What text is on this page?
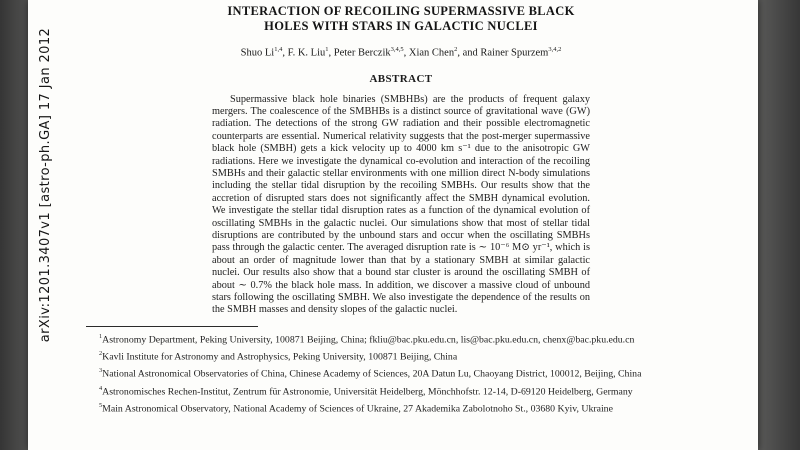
arXiv:1201.3407v1 [astro-ph.GA] 17 Jan 2012
INTERACTION OF RECOILING SUPERMASSIVE BLACK
HOLES WITH STARS IN GALACTIC NUCLEI

Shuo Li$^{1,4}$, F. K. Liu$^1$, Peter Berczik$^{3,4,5}$, Xian Chen$^2$, and Rainer Spurzem$^{3,4,2}$

ABSTRACT

Supermassive black hole binaries (SMBHBs) are the products of frequent galaxy mergers. The coalescence of the SMBHBs is a distinct source of gravitational wave (GW) radiation. The detections of the strong GW radiation and their possible electromagnetic counterparts are essential. Numerical relativity suggests that the post-merger supermassive black hole (SMBH) gets a kick velocity up to 4000 km s⁻¹ due to the anisotropic GW radiations. Here we investigate the dynamical co-evolution and interaction of the recoiling SMBHs and their galactic stellar environments with one million direct N-body simulations including the stellar tidal disruption by the recoiling SMBHs. Our results show that the accretion of disrupted stars does not significantly affect the SMBH dynamical evolution. We investigate the stellar tidal disruption rates as a function of the dynamical evolution of oscillating SMBHs in the galactic nuclei. Our simulations show that most of stellar tidal disruptions are contributed by the unbound stars and occur when the oscillating SMBHs pass through the galactic center. The averaged disruption rate is ∼ 10⁻⁶ M⊙ yr⁻¹, which is about an order of magnitude lower than that by a stationary SMBH at similar galactic nuclei. Our results also show that a bound star cluster is around the oscillating SMBH of about ∼ 0.7% the black hole mass. In addition, we discover a massive cloud of unbound stars following the oscillating SMBH. We also investigate the dependence of the results on the SMBH masses and density slopes of the galactic nuclei.

$^1$Astronomy Department, Peking University, 100871 Beijing, China; fkliu@bac.pku.edu.cn, lis@bac.pku.edu.cn, chenx@bac.pku.edu.cn

$^2$Kavli Institute for Astronomy and Astrophysics, Peking University, 100871 Beijing, China

$^3$National Astronomical Observatories of China, Chinese Academy of Sciences, 20A Datun Lu, Chaoyang District, 100012, Beijing, China

$^4$Astronomisches Rechen-Institut, Zentrum für Astronomie, Universität Heidelberg, Mönchhofstr. 12-14, D-69120 Heidelberg, Germany

$^5$Main Astronomical Observatory, National Academy of Sciences of Ukraine, 27 Akademika Zabolotnoho St., 03680 Kyiv, Ukraine
